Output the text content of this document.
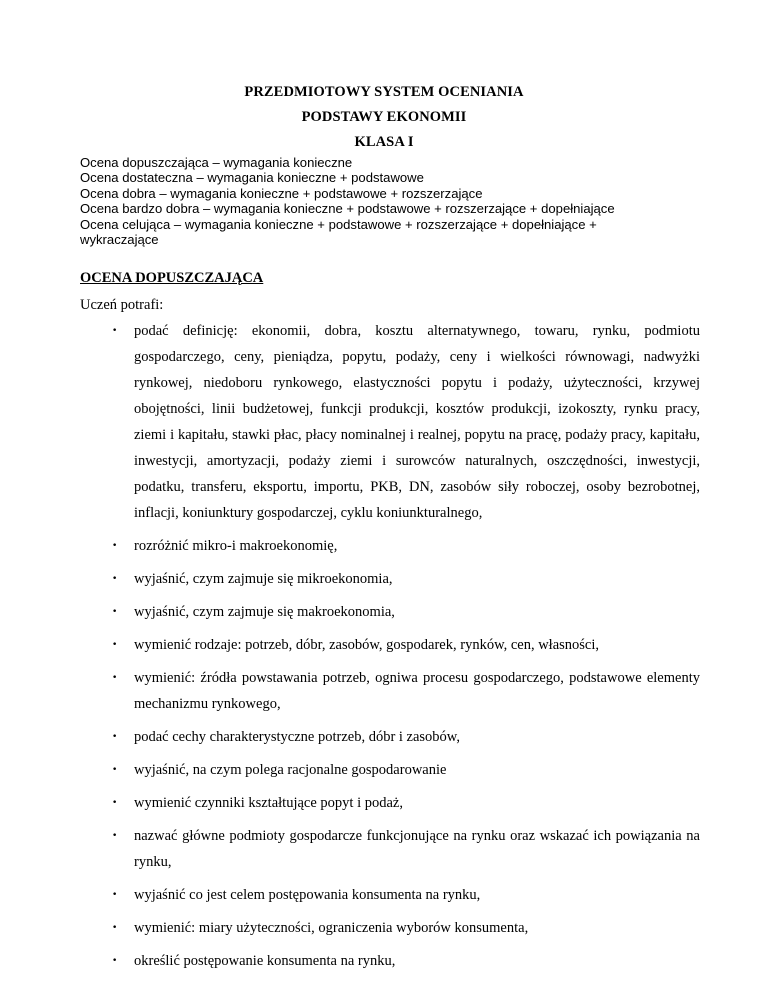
PRZEDMIOTOWY SYSTEM OCENIANIA
PODSTAWY EKONOMII
KLASA I
Ocena dopuszczająca – wymagania konieczne
Ocena dostateczna – wymagania konieczne + podstawowe
Ocena dobra – wymagania konieczne + podstawowe + rozszerzające
Ocena bardzo dobra – wymagania konieczne + podstawowe + rozszerzające + dopełniające
Ocena celująca – wymagania konieczne + podstawowe + rozszerzające + dopełniające + wykraczające
OCENA DOPUSZCZAJĄCA
Uczeń potrafi:
• podać definicję: ekonomii, dobra, kosztu alternatywnego, towaru, rynku, podmiotu gospodarczego, ceny, pieniądza, popytu, podaży, ceny i wielkości równowagi, nadwyżki rynkowej, niedoboru rynkowego, elastyczności popytu i podaży, użyteczności, krzywej obojętności, linii budżetowej, funkcji produkcji, kosztów produkcji, izokoszty, rynku pracy, ziemi i kapitału, stawki płac, płacy nominalnej i realnej, popytu na pracę, podaży pracy, kapitału, inwestycji, amortyzacji, podaży ziemi i surowców naturalnych, oszczędności, inwestycji, podatku, transferu, eksportu, importu, PKB, DN, zasobów siły roboczej, osoby bezrobotnej, inflacji, koniunktury gospodarczej, cyklu koniunkturalnego,
• rozróżnić mikro-i makroekonomię,
• wyjaśnić, czym zajmuje się mikroekonomia,
• wyjaśnić, czym zajmuje się makroekonomia,
• wymienić rodzaje: potrzeb, dóbr, zasobów, gospodarek, rynków, cen, własności,
• wymienić: źródła powstawania potrzeb, ogniwa procesu gospodarczego, podstawowe elementy mechanizmu rynkowego,
• podać cechy charakterystyczne potrzeb, dóbr i zasobów,
• wyjaśnić, na czym polega racjonalne gospodarowanie
• wymienić czynniki kształtujące popyt i podaż,
• nazwać główne podmioty gospodarcze funkcjonujące na rynku oraz wskazać ich powiązania na rynku,
• wyjaśnić co jest celem postępowania konsumenta na rynku,
• wymienić: miary użyteczności, ograniczenia wyborów konsumenta,
• określić postępowanie konsumenta na rynku,
